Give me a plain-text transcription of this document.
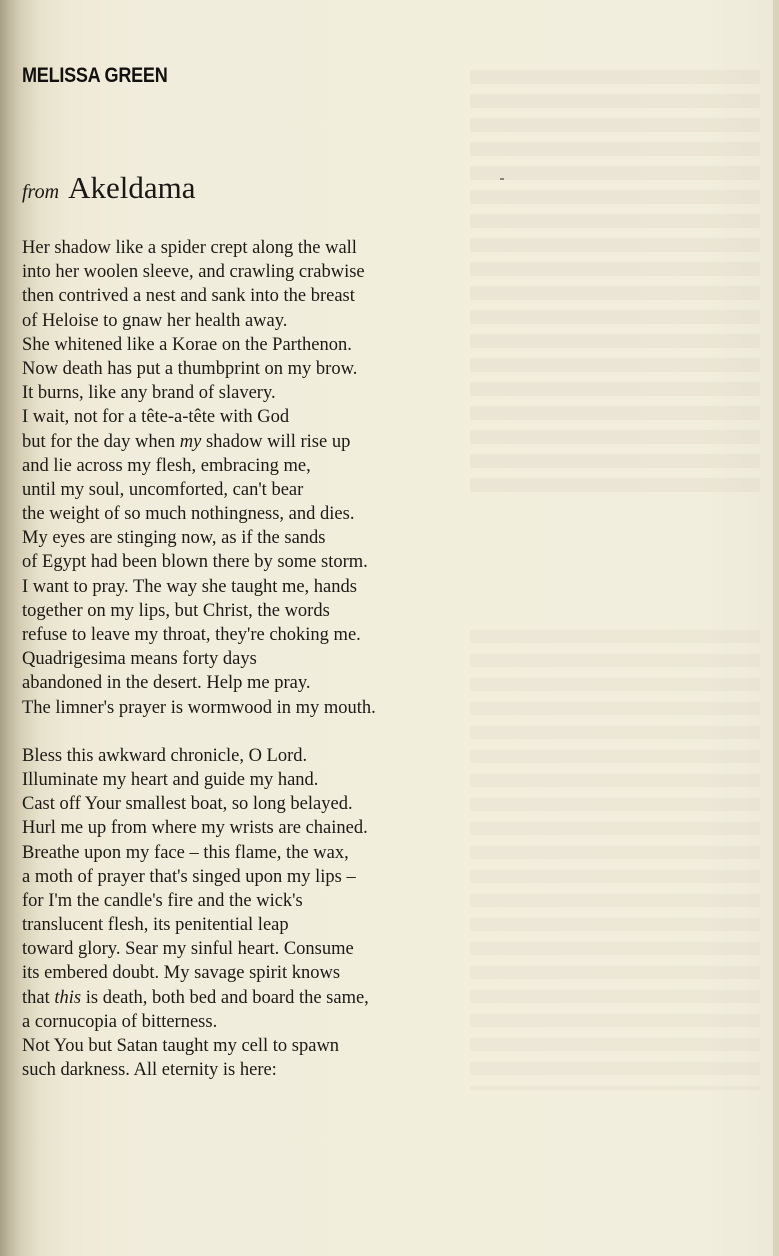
MELISSA GREEN
from Akeldama
Her shadow like a spider crept along the wall
into her woolen sleeve, and crawling crabwise
then contrived a nest and sank into the breast
of Heloise to gnaw her health away.
She whitened like a Korae on the Parthenon.
Now death has put a thumbprint on my brow.
It burns, like any brand of slavery.
I wait, not for a tête-a-tête with God
but for the day when my shadow will rise up
and lie across my flesh, embracing me,
until my soul, uncomforted, can't bear
the weight of so much nothingness, and dies.
My eyes are stinging now, as if the sands
of Egypt had been blown there by some storm.
I want to pray. The way she taught me, hands
together on my lips, but Christ, the words
refuse to leave my throat, they're choking me.
Quadrigesima means forty days
abandoned in the desert. Help me pray.
The limner's prayer is wormwood in my mouth.
Bless this awkward chronicle, O Lord.
Illuminate my heart and guide my hand.
Cast off Your smallest boat, so long belayed.
Hurl me up from where my wrists are chained.
Breathe upon my face – this flame, the wax,
a moth of prayer that's singed upon my lips –
for I'm the candle's fire and the wick's
translucent flesh, its penitential leap
toward glory. Sear my sinful heart. Consume
its embered doubt. My savage spirit knows
that this is death, both bed and board the same,
a cornucopia of bitterness.
Not You but Satan taught my cell to spawn
such darkness. All eternity is here:
